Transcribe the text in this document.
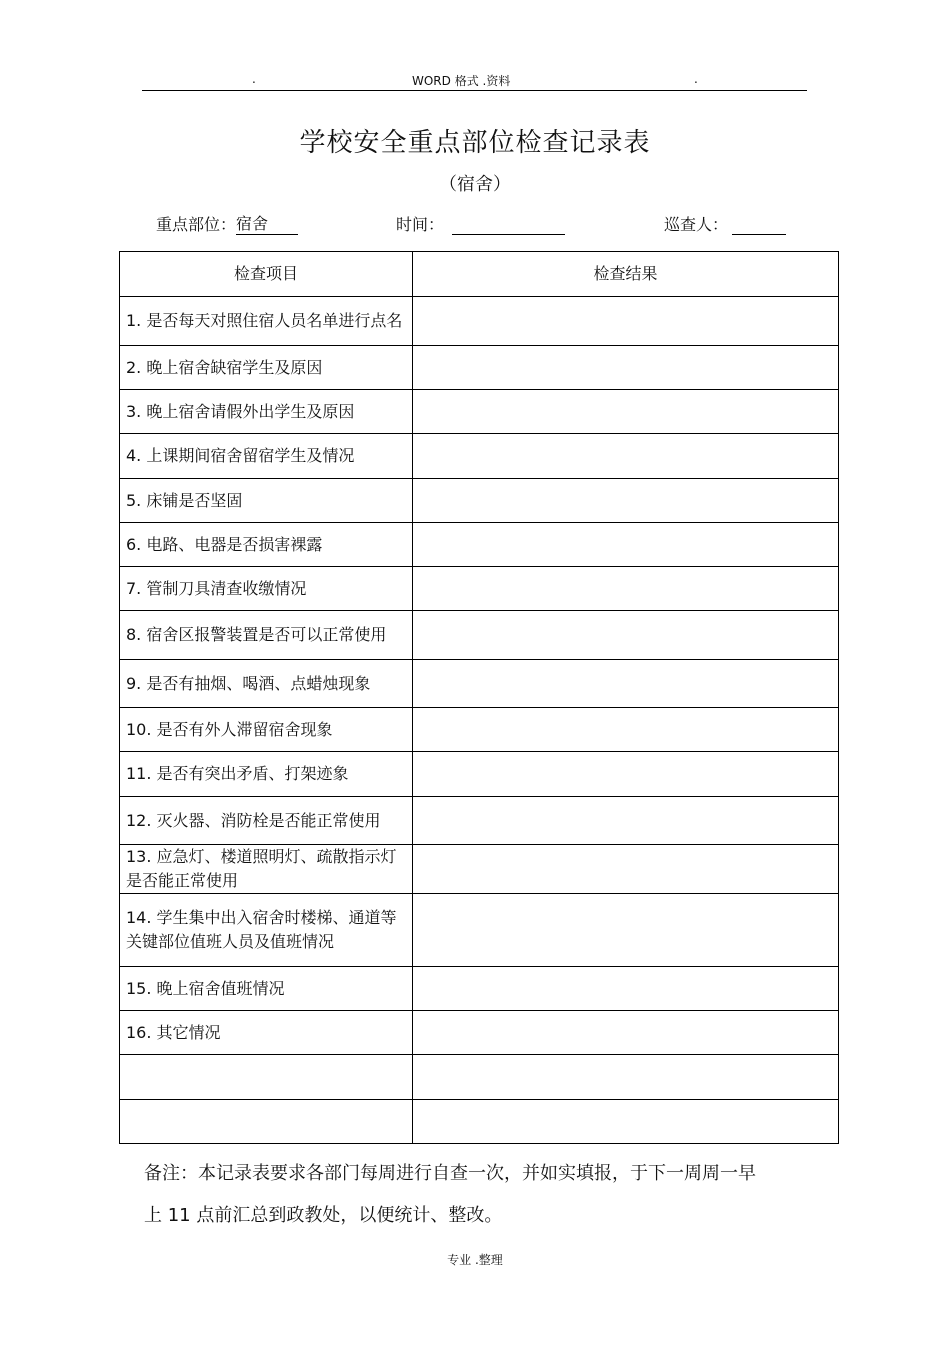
.	WORD 格式 .资料	.
学校安全重点部位检查记录表
（宿舍）
重点部位：宿舍	时间：	巡查人：
检查项目	检查结果
1. 是否每天对照住宿人员名单进行点名	
2. 晚上宿舍缺宿学生及原因	
3. 晚上宿舍请假外出学生及原因	
4. 上课期间宿舍留宿学生及情况	
5. 床铺是否坚固	
6. 电路、电器是否损害裸露	
7. 管制刀具清查收缴情况	
8. 宿舍区报警装置是否可以正常使用	
9. 是否有抽烟、喝酒、点蜡烛现象	
10. 是否有外人滞留宿舍现象	
11. 是否有突出矛盾、打架迹象	
12. 灭火器、消防栓是否能正常使用	
13. 应急灯、楼道照明灯、疏散指示灯是否能正常使用	
14. 学生集中出入宿舍时楼梯、通道等关键部位值班人员及值班情况	
15. 晚上宿舍值班情况	
16. 其它情况	

备注：本记录表要求各部门每周进行自查一次，并如实填报，于下一周周一早上 11 点前汇总到政教处，以便统计、整改。
专业 .整理
